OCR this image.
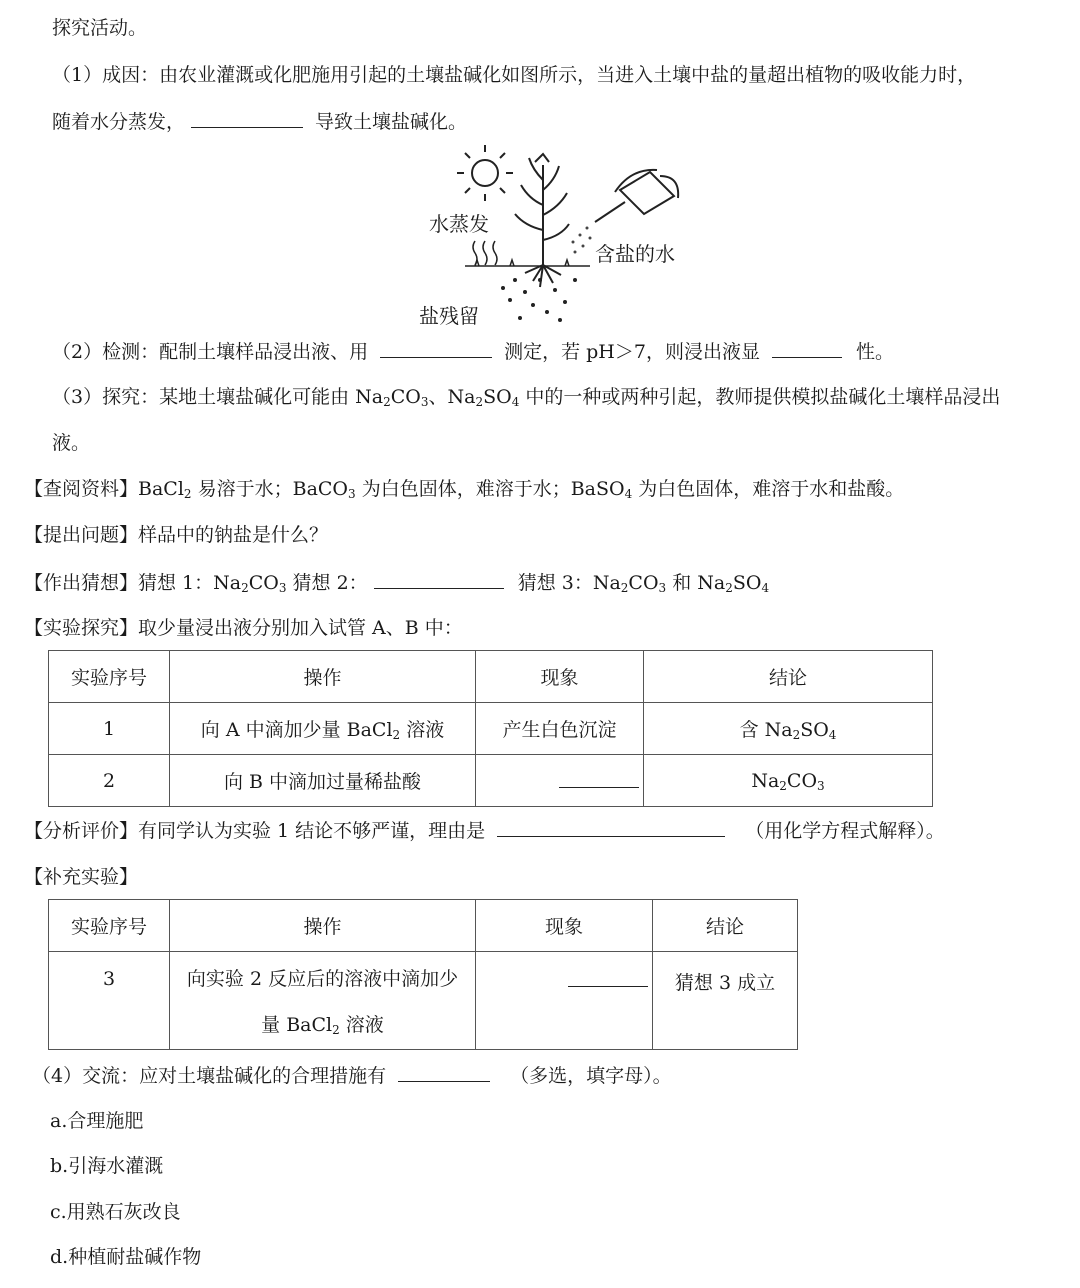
探究活动。
（1）成因：由农业灌溉或化肥施用引起的土壤盐碱化如图所示，当进入土壤中盐的量超出植物的吸收能力时，
随着水分蒸发，	导致土壤盐碱化。
水蒸发
含盐的水
盐残留
（2）检测：配制土壤样品浸出液、用	测定，若 pH＞7，则浸出液显	性。
（3）探究：某地土壤盐碱化可能由 $Na_2CO_3$、$Na_2SO_4$ 中的一种或两种引起，教师提供模拟盐碱化土壤样品浸出
液。
【查阅资料】BaCl$_2$ 易溶于水；BaCO$_3$ 为白色固体，难溶于水；BaSO$_4$ 为白色固体，难溶于水和盐酸。
【提出问题】样品中的钠盐是什么？
【作出猜想】猜想 1：$Na_2CO_3$ 猜想 2：	猜想 3：$Na_2CO_3$ 和 $Na_2SO_4$
【实验探究】取少量浸出液分别加入试管 A、B 中：
实验序号	操作	现象	结论
1	向 A 中滴加少量 BaCl$_2$ 溶液	产生白色沉淀	含 $Na_2SO_4$
2	向 B 中滴加过量稀盐酸		$Na_2CO_3$
【分析评价】有同学认为实验 1 结论不够严谨，理由是	（用化学方程式解释）。
【补充实验】
实验序号	操作	现象	结论
3	向实验 2 反应后的溶液中滴加少
量 BaCl$_2$ 溶液		猜想 3 成立
（4）交流：应对土壤盐碱化的合理措施有	（多选，填字母）。
a.合理施肥
b.引海水灌溉
c.用熟石灰改良
d.种植耐盐碱作物
